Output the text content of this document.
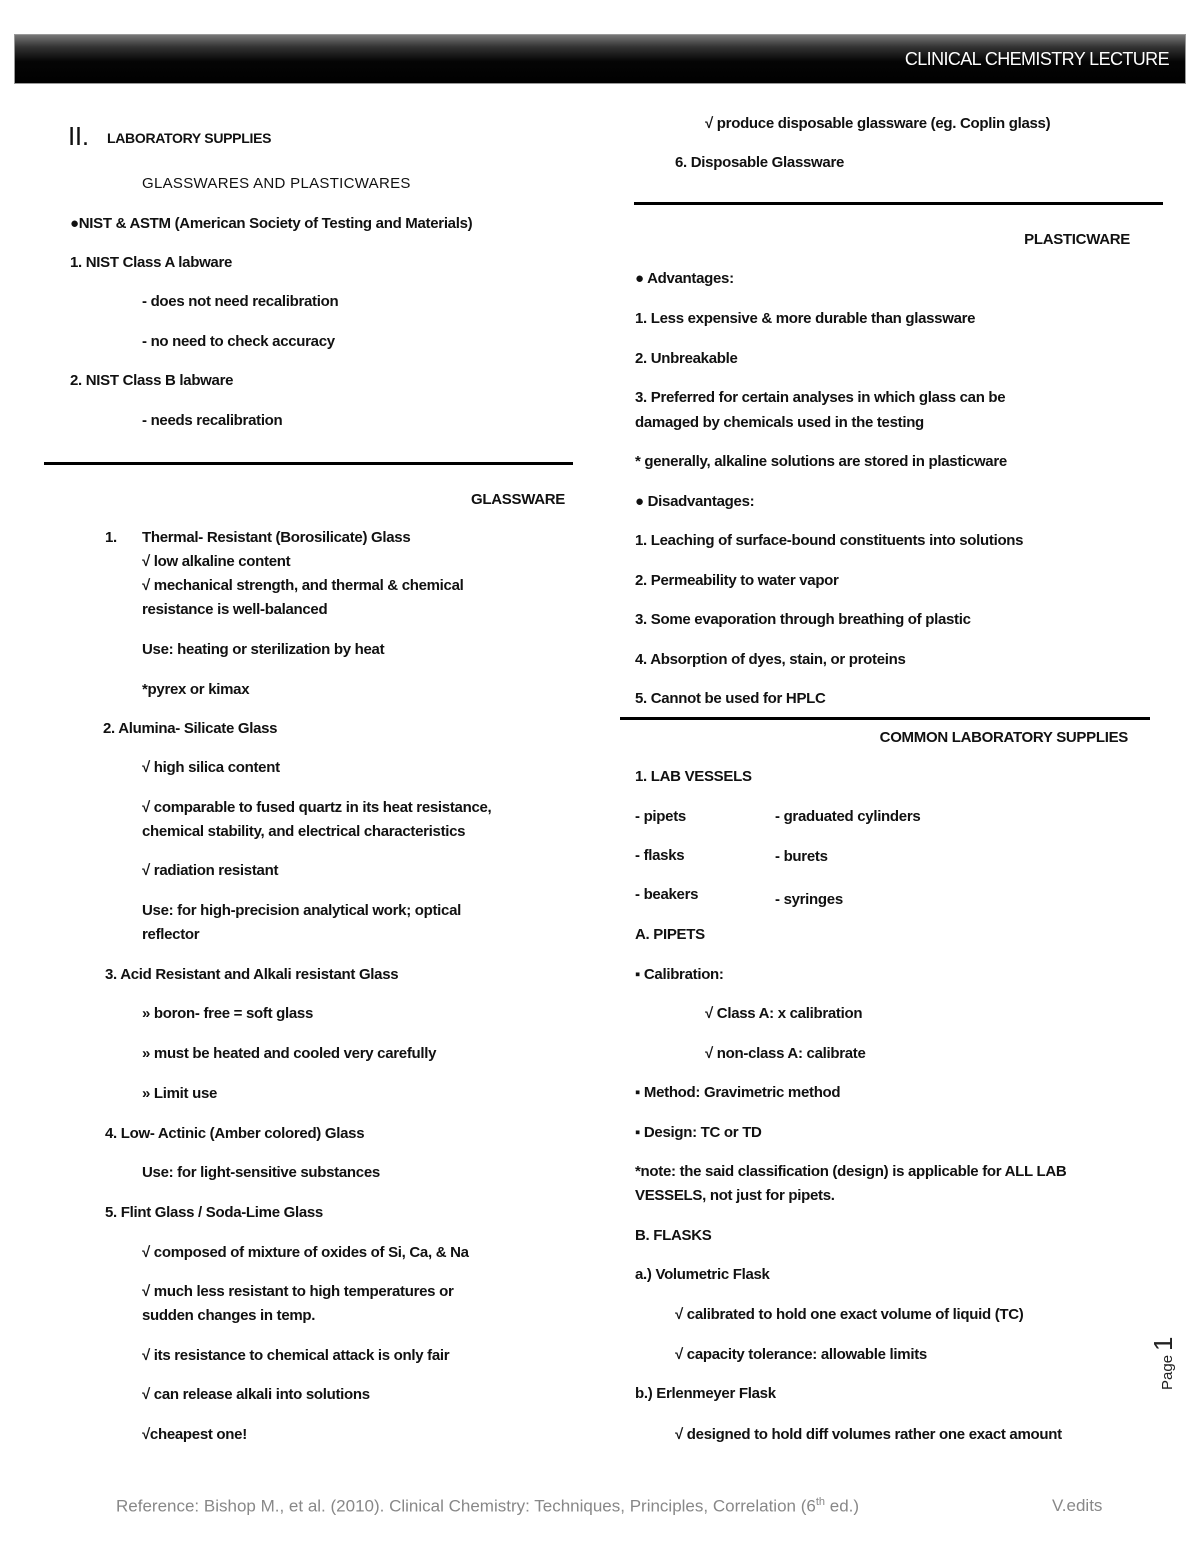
CLINICAL CHEMISTRY LECTURE
II. LABORATORY SUPPLIES
GLASSWARES AND PLASTICWARES
●NIST & ASTM (American Society of Testing and Materials)
1. NIST Class A labware
- does not need recalibration
- no need to check accuracy
2. NIST Class B labware
- needs recalibration
GLASSWARE
1. Thermal- Resistant (Borosilicate) Glass
√ low alkaline content
√ mechanical strength, and thermal & chemical
resistance is well-balanced
Use: heating or sterilization by heat
*pyrex or kimax
2. Alumina- Silicate Glass
√ high silica content
√ comparable to fused quartz in its heat resistance,
chemical stability, and electrical characteristics
√ radiation resistant
Use: for high-precision analytical work; optical
reflector
3. Acid Resistant and Alkali resistant Glass
» boron- free = soft glass
» must be heated and cooled very carefully
» Limit use
4. Low- Actinic (Amber colored) Glass
Use: for light-sensitive substances
5. Flint Glass / Soda-Lime Glass
√ composed of mixture of oxides of Si, Ca, & Na
√ much less resistant to high temperatures or
sudden changes in temp.
√ its resistance to chemical attack is only fair
√ can release alkali into solutions
√cheapest one!
√ produce disposable glassware (eg. Coplin glass)
6. Disposable Glassware
PLASTICWARE
● Advantages:
1. Less expensive & more durable than glassware
2. Unbreakable
3. Preferred for certain analyses in which glass can be
damaged by chemicals used in the testing
* generally, alkaline solutions are stored in plasticware
● Disadvantages:
1. Leaching of surface-bound constituents into solutions
2. Permeability to water vapor
3. Some evaporation through breathing of plastic
4. Absorption of dyes, stain, or proteins
5. Cannot be used for HPLC
COMMON LABORATORY SUPPLIES
1. LAB VESSELS
- pipets	- graduated cylinders
- flasks	- burets
- beakers	- syringes
A. PIPETS
▪ Calibration:
√ Class A: x calibration
√ non-class A: calibrate
▪ Method: Gravimetric method
▪ Design: TC or TD
*note: the said classification (design) is applicable for ALL LAB
VESSELS, not just for pipets.
B. FLASKS
a.) Volumetric Flask
√ calibrated to hold one exact volume of liquid (TC)
√ capacity tolerance: allowable limits
b.) Erlenmeyer Flask
√ designed to hold diff volumes rather one exact amount
Reference: Bishop M., et al. (2010). Clinical Chemistry: Techniques, Principles, Correlation (6th ed.)	V.edits
Page1
